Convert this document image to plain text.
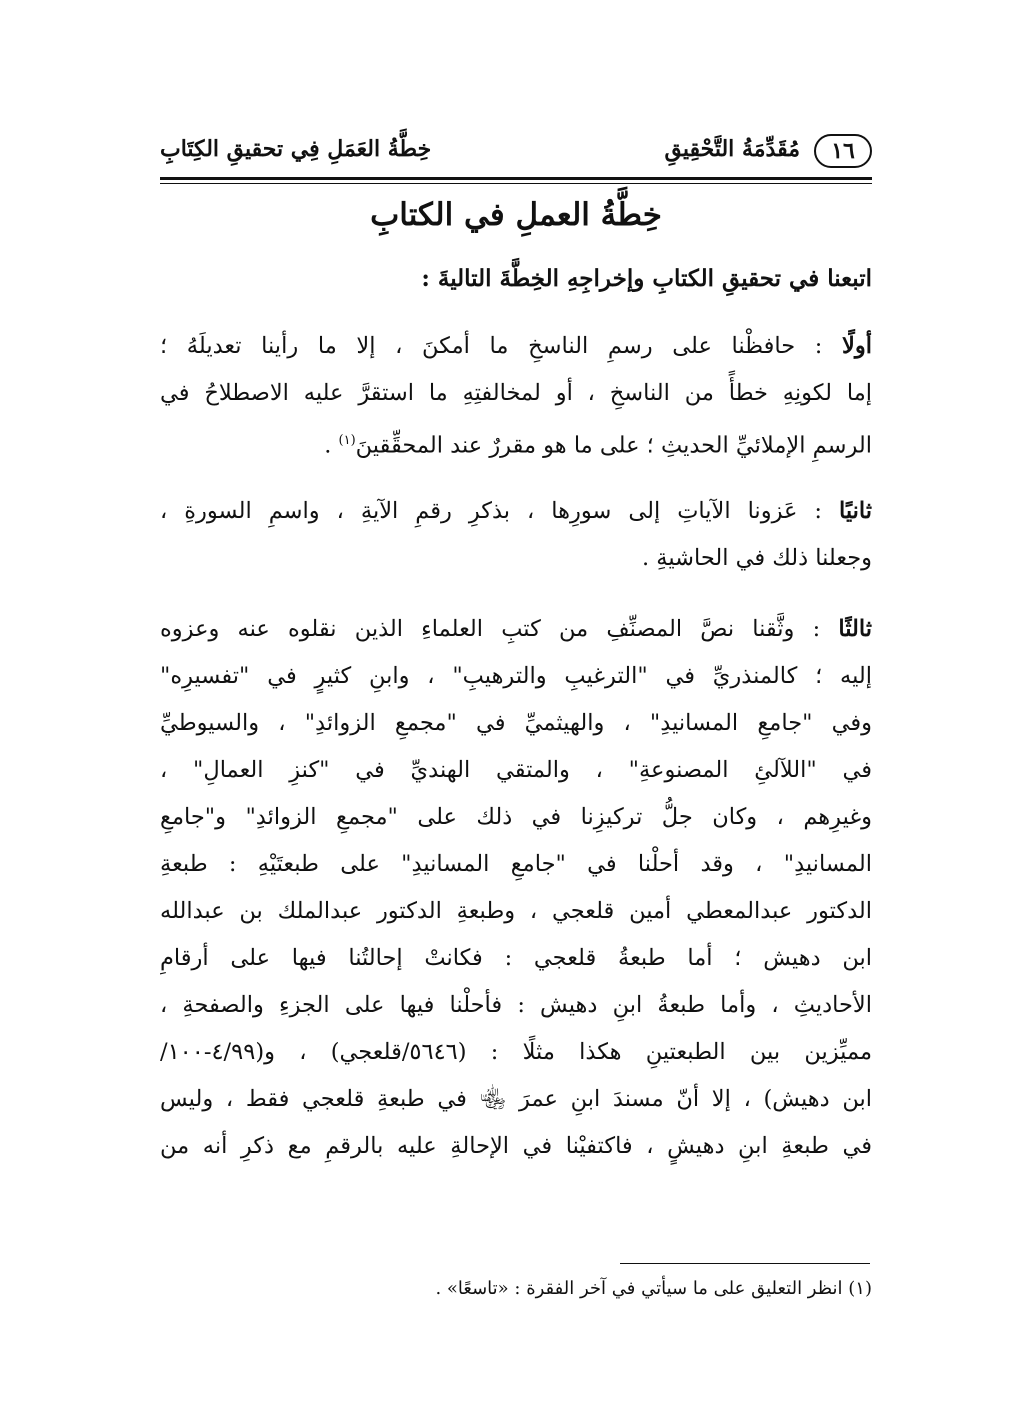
١٦
مُقَدِّمَةُ التَّحْقِيقِ
خِطَّةُ العَمَلِ فِي تحقيقِ الكِتَابِ
خِطَّةُ العملِ في الكتابِ
اتبعنا في تحقيقِ الكتابِ وإخراجِهِ الخِطَّةَ التاليةَ :
أولًا : حافظْنا على رسمِ الناسخِ ما أمكنَ ، إلا ما رأينا تعديلَهُ ؛
إما لكونِهِ خطأً من الناسخِ ، أو لمخالفتِهِ ما استقرَّ عليه الاصطلاحُ في
الرسمِ الإملائيِّ الحديثِ ؛ على ما هو مقررٌ عند المحقِّقينَ$^{(١)}$ .
ثانيًا : عَزونا الآياتِ إلى سورِها ، بذكرِ رقمِ الآيةِ ، واسمِ السورةِ ،
وجعلنا ذلك في الحاشيةِ .
ثالثًا : وثَّقنا نصَّ المصنِّفِ من كتبِ العلماءِ الذين نقلوه عنه وعزوه
إليه ؛ كالمنذريِّ في "الترغيبِ والترهيبِ" ، وابنِ كثيرٍ في "تفسيرِه"
وفي "جامعِ المسانيدِ" ، والهيثميِّ في "مجمعِ الزوائدِ" ، والسيوطيِّ
في "اللآلئِ المصنوعةِ" ، والمتقي الهنديِّ في "كنزِ العمالِ" ،
وغيرِهم ، وكان جلُّ تركيزِنا في ذلك على "مجمعِ الزوائدِ" و"جامعِ
المسانيدِ" ، وقد أحلْنا في "جامعِ المسانيدِ" على طبعتَيْهِ : طبعةِ
الدكتور عبدالمعطي أمين قلعجي ، وطبعةِ الدكتور عبدالملك بن عبدالله
ابن دهيش ؛ أما طبعةُ قلعجي : فكانتْ إحالتُنا فيها على أرقامِ
الأحاديثِ ، وأما طبعةُ ابنِ دهيش : فأحلْنا فيها على الجزءِ والصفحةِ ،
مميِّزين بين الطبعتينِ هكذا مثلًا : (٥٦٤٦/قلعجي) ، و(٤/٩٩-١٠٠/
ابن دهيش) ، إلا أنّ مسندَ ابنِ عمرَ ﵄ في طبعةِ قلعجي فقط ، وليس
في طبعةِ ابنِ دهيشٍ ، فاكتفيْنا في الإحالةِ عليه بالرقمِ مع ذكرِ أنه من
(١) انظر التعليق على ما سيأتي في آخر الفقرة : «تاسعًا» .
